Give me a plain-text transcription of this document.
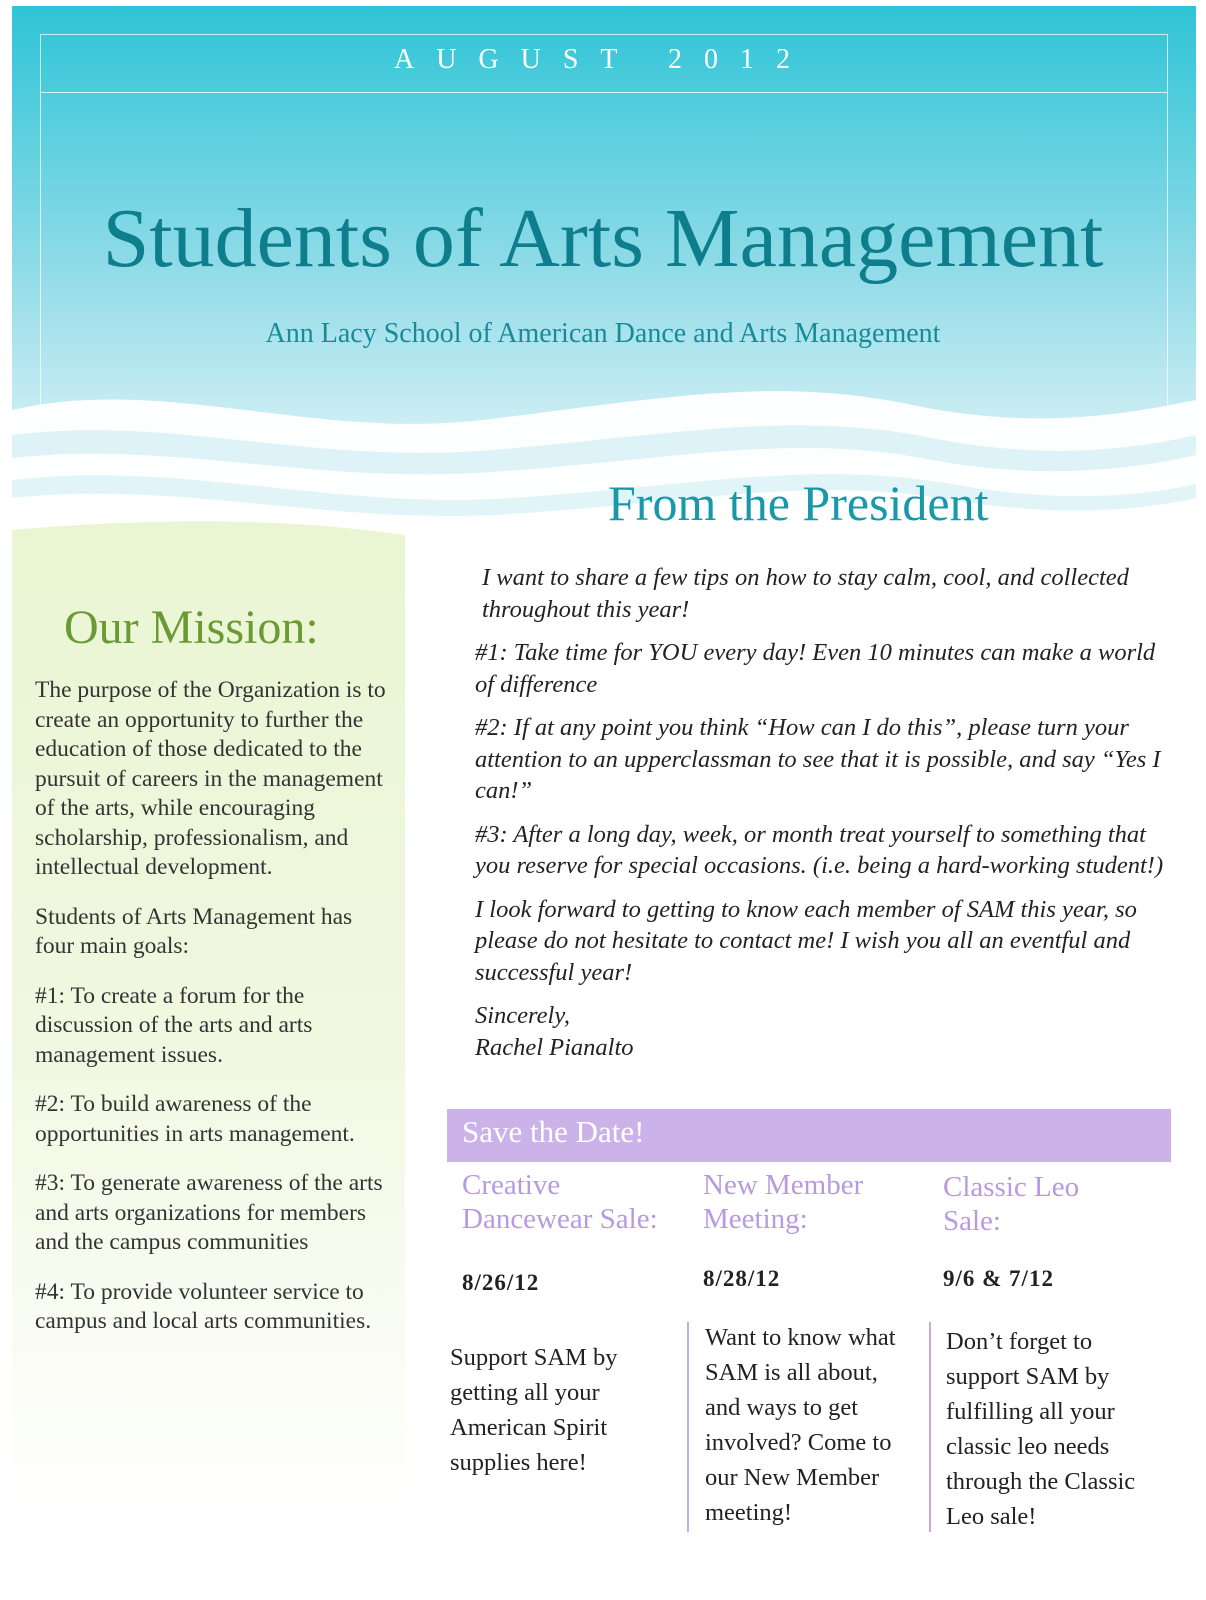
AUGUST 2012
Students of Arts Management
Ann Lacy School of American Dance and Arts Management
Our Mission:

The purpose of the Organization is to create an opportunity to further the education of those dedicated to the pursuit of careers in the management of the arts, while encouraging scholarship, professionalism, and intellectual development.

Students of Arts Management has four main goals:

#1: To create a forum for the discussion of the arts and arts management issues.

#2: To build awareness of the opportunities in arts management.

#3: To generate awareness of the arts and arts organizations for members and the campus communities

#4: To provide volunteer service to campus and local arts communities.

From the President

I want to share a few tips on how to stay calm, cool, and collected throughout this year!

#1: Take time for YOU every day! Even 10 minutes can make a world of difference

#2: If at any point you think “How can I do this”, please turn your attention to an upperclassman to see that it is possible, and say “Yes I can!”

#3: After a long day, week, or month treat yourself to something that you reserve for special occasions. (i.e. being a hard-working student!)

I look forward to getting to know each member of SAM this year, so please do not hesitate to contact me! I wish you all an eventful and successful year!

Sincerely,

Rachel Pianalto

Save the Date!
Creative Dancewear Sale:
8/26/12
Support SAM by getting all your American Spirit supplies here!
New Member Meeting:
8/28/12
Want to know what SAM is all about, and ways to get involved? Come to our New Member meeting!
Classic Leo Sale:
9/6 & 7/12
Don’t forget to support SAM by fulfilling all your classic leo needs through the Classic Leo sale!
